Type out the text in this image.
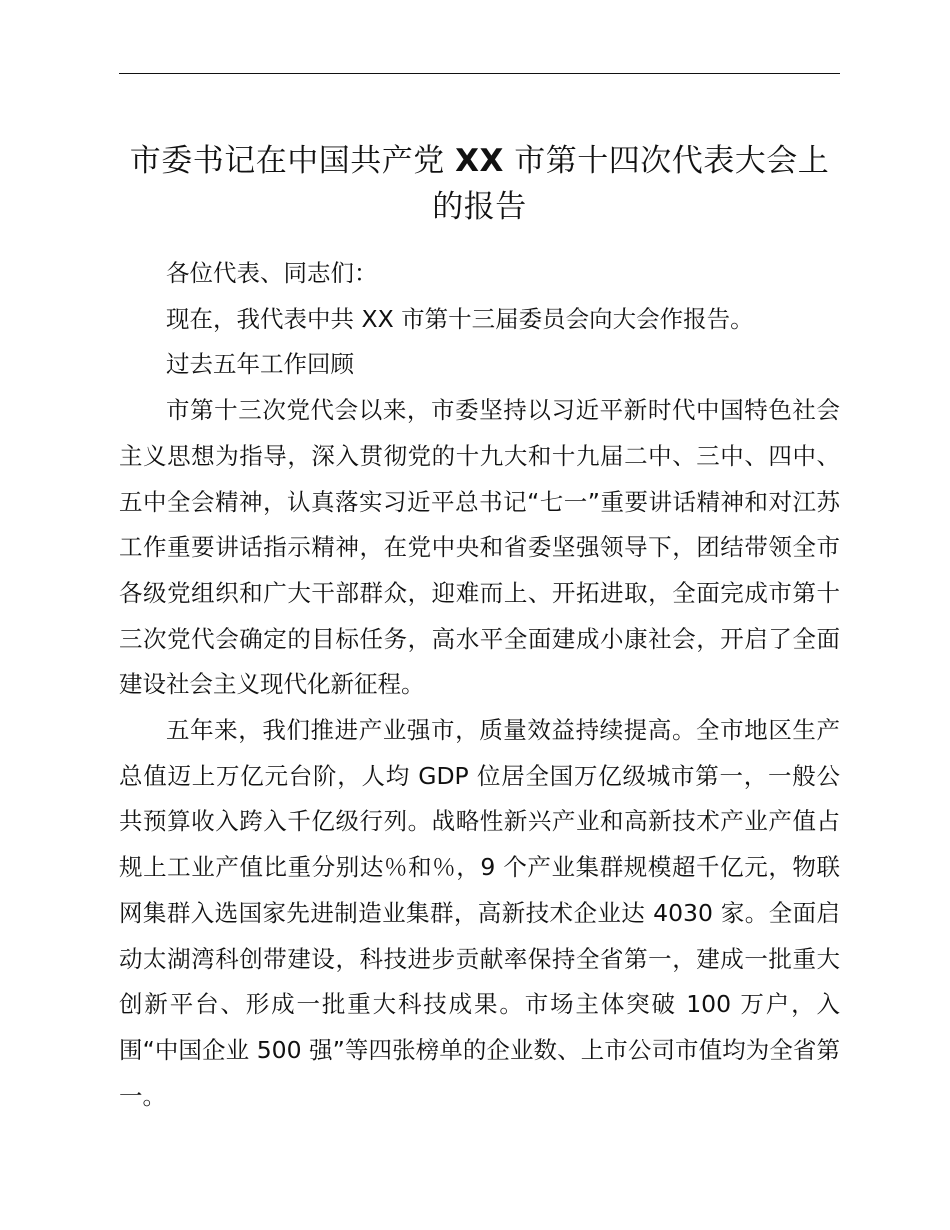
市委书记在中国共产党 XX 市第十四次代表大会上的报告

各位代表、同志们：

现在，我代表中共 XX 市第十三届委员会向大会作报告。

过去五年工作回顾

市第十三次党代会以来，市委坚持以习近平新时代中国特色社会主义思想为指导，深入贯彻党的十九大和十九届二中、三中、四中、五中全会精神，认真落实习近平总书记“七一”重要讲话精神和对江苏工作重要讲话指示精神，在党中央和省委坚强领导下，团结带领全市各级党组织和广大干部群众，迎难而上、开拓进取，全面完成市第十三次党代会确定的目标任务，高水平全面建成小康社会，开启了全面建设社会主义现代化新征程。

五年来，我们推进产业强市，质量效益持续提高。全市地区生产总值迈上万亿元台阶，人均 GDP 位居全国万亿级城市第一，一般公共预算收入跨入千亿级行列。战略性新兴产业和高新技术产业产值占规上工业产值比重分别达％和％，9 个产业集群规模超千亿元，物联网集群入选国家先进制造业集群，高新技术企业达 4030 家。全面启动太湖湾科创带建设，科技进步贡献率保持全省第一，建成一批重大创新平台、形成一批重大科技成果。市场主体突破 100 万户，入围“中国企业 500 强”等四张榜单的企业数、上市公司市值均为全省第一。
